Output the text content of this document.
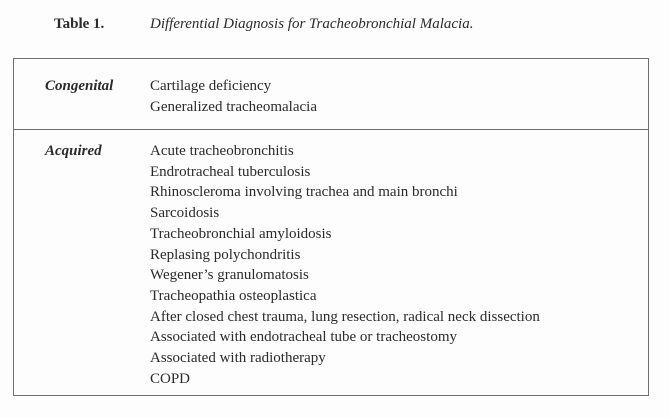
Table 1.	Differential Diagnosis for Tracheobronchial Malacia.
Congenital Cartilage deficiency
Generalized tracheomalacia
Acquired	Acute tracheobronchitis
Endrotracheal tuberculosis
Rhinoscleroma involving trachea and main bronchi
Sarcoidosis
Tracheobronchial amyloidosis
Replasing polychondritis
Wegener’s granulomatosis
Tracheopathia osteoplastica
After closed chest trauma, lung resection, radical neck dissection
Associated with endotracheal tube or tracheostomy
Associated with radiotherapy
COPD
